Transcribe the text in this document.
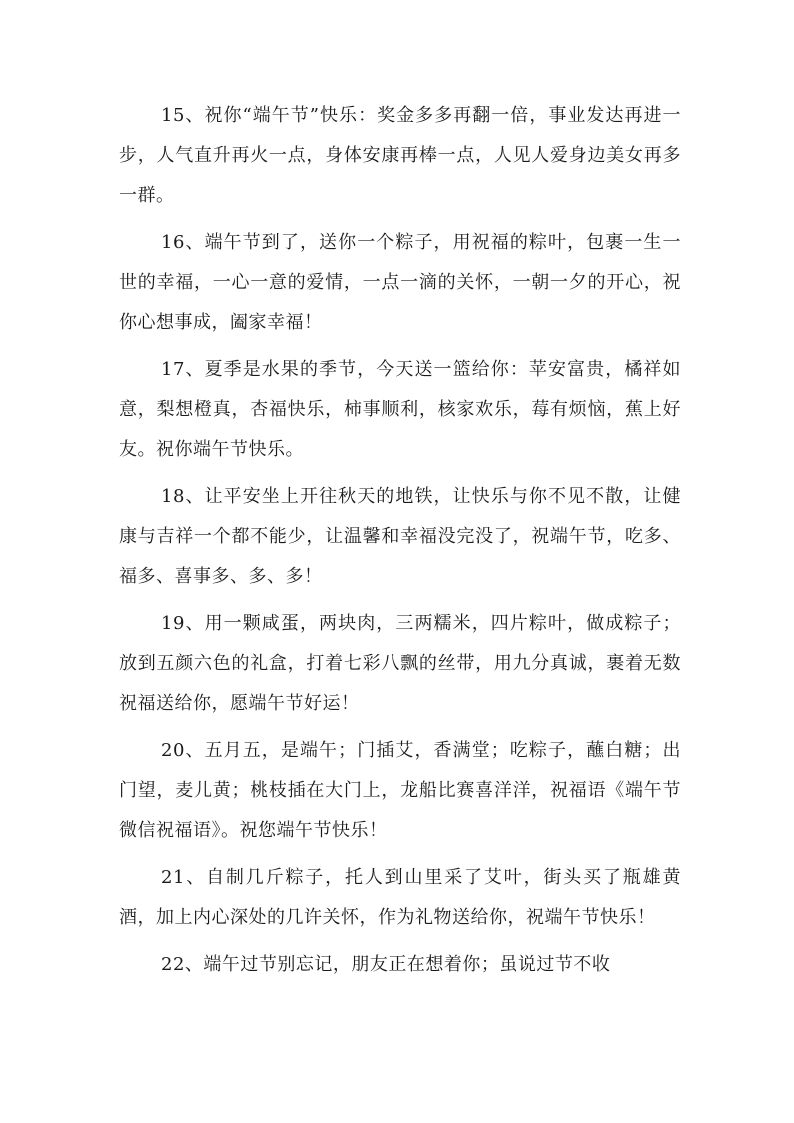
15、祝你“端午节”快乐：奖金多多再翻一倍，事业发达再进一步，人气直升再火一点，身体安康再棒一点，人见人爱身边美女再多一群。

16、端午节到了，送你一个粽子，用祝福的粽叶，包裹一生一世的幸福，一心一意的爱情，一点一滴的关怀，一朝一夕的开心，祝你心想事成，阖家幸福！

17、夏季是水果的季节，今天送一篮给你：苹安富贵，橘祥如意，梨想橙真，杏福快乐，柿事顺利，核家欢乐，莓有烦恼，蕉上好友。祝你端午节快乐。

18、让平安坐上开往秋天的地铁，让快乐与你不见不散，让健康与吉祥一个都不能少，让温馨和幸福没完没了，祝端午节，吃多、福多、喜事多、多、多！

19、用一颗咸蛋，两块肉，三两糯米，四片粽叶，做成粽子；放到五颜六色的礼盒，打着七彩八飘的丝带，用九分真诚，裹着无数祝福送给你，愿端午节好运！

20、五月五，是端午；门插艾，香满堂；吃粽子，蘸白糖；出门望，麦儿黄；桃枝插在大门上，龙船比赛喜洋洋，祝福语《端午节微信祝福语》。祝您端午节快乐！

21、自制几斤粽子，托人到山里采了艾叶，街头买了瓶雄黄酒，加上内心深处的几许关怀，作为礼物送给你，祝端午节快乐！

22、端午过节别忘记，朋友正在想着你；虽说过节不收
